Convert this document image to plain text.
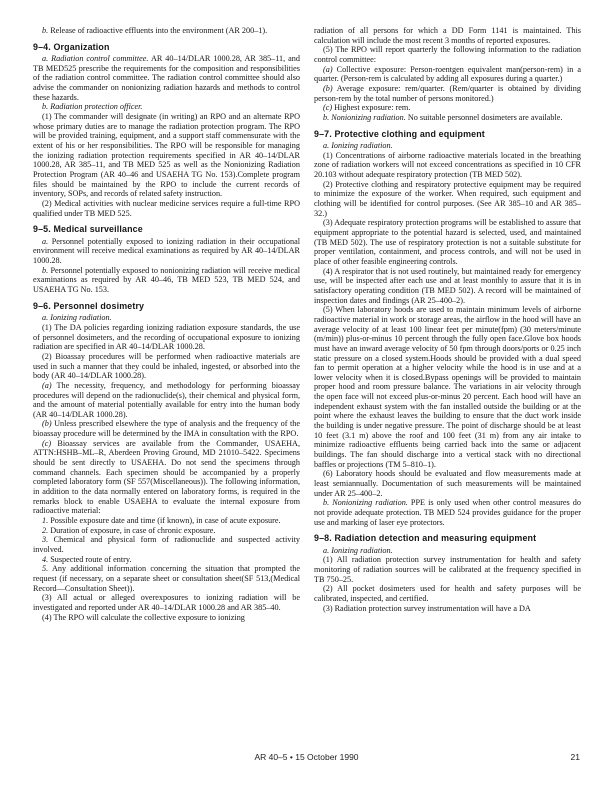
b. Release of radioactive effluents into the environment (AR 200–1).

9–4. Organization

a. Radiation control committee. AR 40–14/DLAR 1000.28, AR 385–11, and TB MED525 prescribe the requirements for the composition and responsibilities of the radiation control committee. The radiation control committee should also advise the commander on nonionizing radiation hazards and methods to control these hazards.

b. Radiation protection officer.

(1) The commander will designate (in writing) an RPO and an alternate RPO whose primary duties are to manage the radiation protection program. The RPO will be provided training, equipment, and a support staff commensurate with the extent of his or her responsibilities. The RPO will be responsible for managing the ionizing radiation protection requirements specified in AR 40–14/DLAR 1000.28, AR 385–11, and TB MED 525 as well as the Nonionizing Radiation Protection Program (AR 40–46 and USAEHA TG No. 153).Complete program files should be maintained by the RPO to include the current records of inventory, SOPs, and records of related safety instruction.

(2) Medical activities with nuclear medicine services require a full-time RPO qualified under TB MED 525.

9–5. Medical surveillance

a. Personnel potentially exposed to ionizing radiation in their occupational environment will receive medical examinations as required by AR 40–14/DLAR 1000.28.

b. Personnel potentially exposed to nonionizing radiation will receive medical examinations as required by AR 40–46, TB MED 523, TB MED 524, and USAEHA TG No. 153.

9–6. Personnel dosimetry

a. Ionizing radiation.

(1) The DA policies regarding ionizing radiation exposure standards, the use of personnel dosimeters, and the recording of occupational exposure to ionizing radiation are specified in AR 40–14/DLAR 1000.28.

(2) Bioassay procedures will be performed when radioactive materials are used in such a manner that they could be inhaled, ingested, or absorbed into the body (AR 40–14/DLAR 1000.28).

(a) The necessity, frequency, and methodology for performing bioassay procedures will depend on the radionuclide(s), their chemical and physical form, and the amount of material potentially available for entry into the human body (AR 40–14/DLAR 1000.28).

(b) Unless prescribed elsewhere the type of analysis and the frequency of the bioassay procedure will be determined by the IMA in consultation with the RPO.

(c) Bioassay services are available from the Commander, USAEHA, ATTN:HSHB–ML–R, Aberdeen Proving Ground, MD 21010–5422. Specimens should be sent directly to USAEHA. Do not send the specimens through command channels. Each specimen should be accompanied by a properly completed laboratory form (SF 557(Miscellaneous)). The following information, in addition to the data normally entered on laboratory forms, is required in the remarks block to enable USAEHA to evaluate the internal exposure from radioactive material:

1. Possible exposure date and time (if known), in case of acute exposure.

2. Duration of exposure, in case of chronic exposure.

3. Chemical and physical form of radionuclide and suspected activity involved.

4. Suspected route of entry.

5. Any additional information concerning the situation that prompted the request (if necessary, on a separate sheet or consultation sheet(SF 513,(Medical Record—Consultation Sheet)).

(3) All actual or alleged overexposures to ionizing radiation will be investigated and reported under AR 40–14/DLAR 1000.28 and AR 385–40.

(4) The RPO will calculate the collective exposure to ionizing

radiation of all persons for which a DD Form 1141 is maintained. This calculation will include the most recent 3 months of reported exposures.

(5) The RPO will report quarterly the following information to the radiation control committee:

(a) Collective exposure: Person-roentgen equivalent man(person-rem) in a quarter. (Person-rem is calculated by adding all exposures during a quarter.)

(b) Average exposure: rem/quarter. (Rem/quarter is obtained by dividing person-rem by the total number of persons monitored.)

(c) Highest exposure: rem.

b. Nonionizing radiation. No suitable personnel dosimeters are available.

9–7. Protective clothing and equipment

a. Ionizing radiation.

(1) Concentrations of airborne radioactive materials located in the breathing zone of radiation workers will not exceed concentrations as specified in 10 CFR 20.103 without adequate respiratory protection (TB MED 502).

(2) Protective clothing and respiratory protective equipment may be required to minimize the exposure of the worker. When required, such equipment and clothing will be identified for control purposes. (See AR 385–10 and AR 385–32.)

(3) Adequate respiratory protection programs will be established to assure that equipment appropriate to the potential hazard is selected, used, and maintained (TB MED 502). The use of respiratory protection is not a suitable substitute for proper ventilation, containment, and process controls, and will not be used in place of other feasible engineering controls.

(4) A respirator that is not used routinely, but maintained ready for emergency use, will be inspected after each use and at least monthly to assure that it is in satisfactory operating condition (TB MED 502). A record will be maintained of inspection dates and findings (AR 25–400–2).

(5) When laboratory hoods are used to maintain minimum levels of airborne radioactive material in work or storage areas, the airflow in the hood will have an average velocity of at least 100 linear feet per minute(fpm) (30 meters/minute (m/min)) plus-or-minus 10 percent through the fully open face.Glove box hoods must have an inward average velocity of 50 fpm through doors/ports or 0.25 inch static pressure on a closed system.Hoods should be provided with a dual speed fan to permit operation at a higher velocity while the hood is in use and at a lower velocity when it is closed.Bypass openings will be provided to maintain proper hood and room pressure balance. The variations in air velocity through the open face will not exceed plus-or-minus 20 percent. Each hood will have an independent exhaust system with the fan installed outside the building or at the point where the exhaust leaves the building to ensure that the duct work inside the building is under negative pressure. The point of discharge should be at least 10 feet (3.1 m) above the roof and 100 feet (31 m) from any air intake to minimize radioactive effluents being carried back into the same or adjacent buildings. The fan should discharge into a vertical stack with no directional baffles or projections (TM 5–810–1).

(6) Laboratory hoods should be evaluated and flow measurements made at least semiannually. Documentation of such measurements will be maintained under AR 25–400–2.

b. Nonionizing radiation. PPE is only used when other control measures do not provide adequate protection. TB MED 524 provides guidance for the proper use and marking of laser eye protectors.

9–8. Radiation detection and measuring equipment

a. Ionizing radiation.

(1) All radiation protection survey instrumentation for health and safety monitoring of radiation sources will be calibrated at the frequency specified in TB 750–25.

(2) All pocket dosimeters used for health and safety purposes will be calibrated, inspected, and certified.

(3) Radiation protection survey instrumentation will have a DA

AR 40–5 • 15 October 1990	21
